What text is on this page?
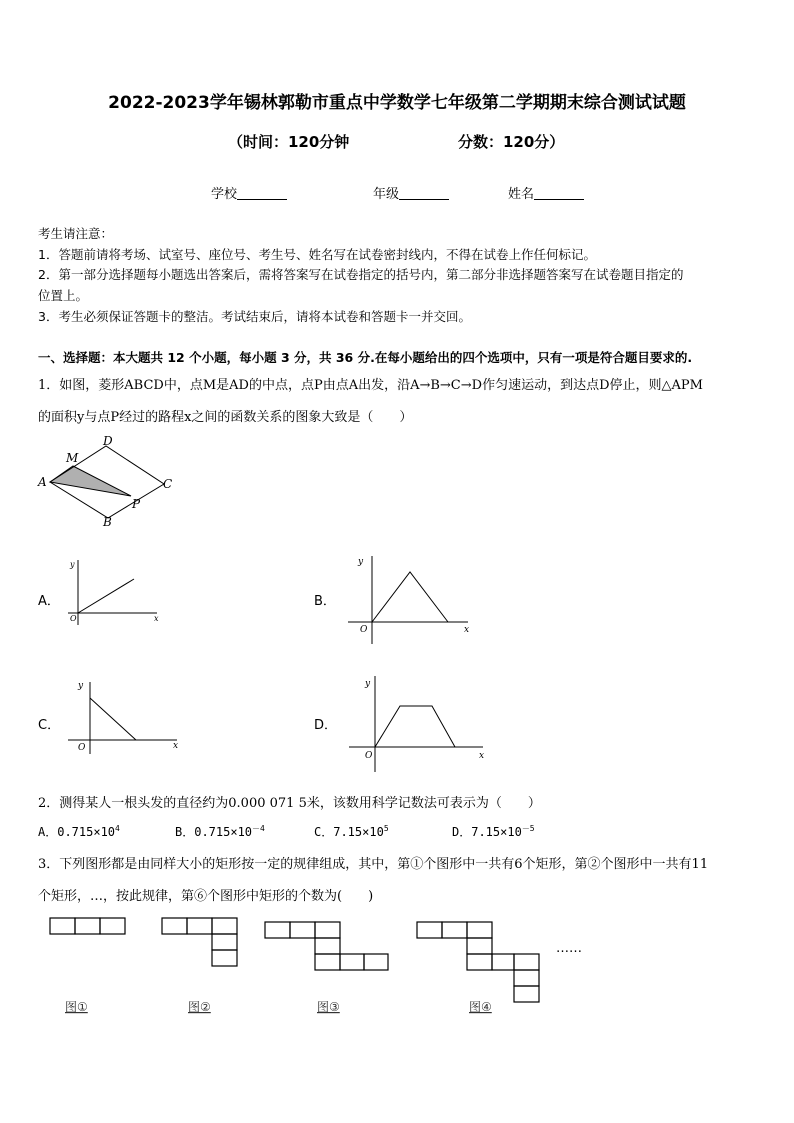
2022-2023学年锡林郭勒市重点中学数学七年级第二学期期末综合测试试题
（时间：120分钟	分数：120分）
学校	年级	姓名
考生请注意：
1．答题前请将考场、试室号、座位号、考生号、姓名写在试卷密封线内，不得在试卷上作任何标记。
2．第一部分选择题每小题选出答案后，需将答案写在试卷指定的括号内，第二部分非选择题答案写在试卷题目指定的
位置上。
3．考生必须保证答题卡的整洁。考试结束后，请将本试卷和答题卡一并交回。
一、选择题：本大题共 12 个小题，每小题 3 分，共 36 分.在每小题给出的四个选项中，只有一项是符合题目要求的.
1．如图，菱形ABCD中，点M是AD的中点，点P由点A出发，沿A→B→C→D作匀速运动，到达点D停止，则△APM
的面积y与点P经过的路程x之间的函数关系的图象大致是（　　）
D
M
A	C
P
B
A．
y
x
O
B．
y
x
O
C．
y
x
O
D．
y
x
O
2．测得某人一根头发的直径约为0.000 071 5米，该数用科学记数法可表示为（　　）
A．$0.715\times 10^4$	B．$0.715\times 10^{-4}$	C．$7.15\times 10^5$	D．$7.15\times 10^{-5}$
3．下列图形都是由同样大小的矩形按一定的规律组成，其中，第①个图形中一共有6个矩形，第②个图形中一共有11
个矩形，…，按此规律，第⑥个图形中矩形的个数为(　　)
……
图①	图②	图③	图④
